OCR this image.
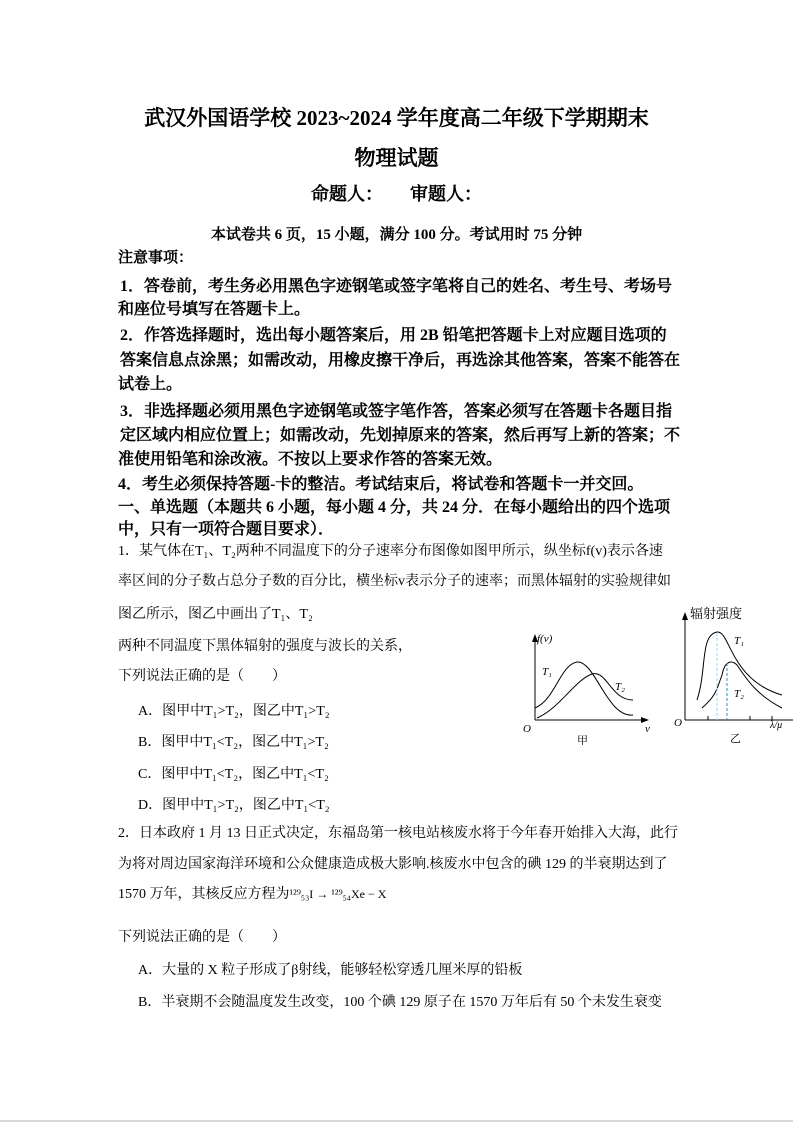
武汉外国语学校 2023~2024 学年度高二年级下学期期末
物理试题
命题人：　　审题人：
本试卷共 6 页，15 小题，满分 100 分。考试用时 75 分钟
注意事项：
1．答卷前，考生务必用黑色字迹钢笔或签字笔将自己的姓名、考生号、考场号
和座位号填写在答题卡上。
2．作答选择题时，选出每小题答案后，用 2B 铅笔把答题卡上对应题目选项的
答案信息点涂黑；如需改动，用橡皮擦干净后，再选涂其他答案，答案不能答在
试卷上。
3．非选择题必须用黑色字迹钢笔或签字笔作答，答案必须写在答题卡各题目指
定区域内相应位置上；如需改动，先划掉原来的答案，然后再写上新的答案；不
准使用铅笔和涂改液。不按以上要求作答的答案无效。
4．考生必须保持答题-卡的整洁。考试结束后，将试卷和答题卡一并交回。
一、单选题（本题共 6 小题，每小题 4 分，共 24 分．在每小题给出的四个选项
中，只有一项符合题目要求）．
1．某气体在T₁、T₂两种不同温度下的分子速率分布图像如图甲所示，纵坐标f(v)表示各速
率区间的分子数占总分子数的百分比，横坐标v表示分子的速率；而黑体辐射的实验规律如
图乙所示，图乙中画出了T₁、T₂
两种不同温度下黑体辐射的强度与波长的关系，
下列说法正确的是（　　）
A．图甲中T₁>T₂，图乙中T₁>T₂
B．图甲中T₁<T₂，图乙中T₁>T₂
C．图甲中T₁<T₂，图乙中T₁<T₂
D．图甲中T₁>T₂，图乙中T₁<T₂
f(v)
v
O
T₁
T₂
甲
辐射强度
λ/μ
O
T₁
T₂
乙
2．日本政府 1 月 13 日正式决定，东福岛第一核电站核废水将于今年春开始排入大海，此行
为将对周边国家海洋环境和公众健康造成极大影响.核废水中包含的碘 129 的半衰期达到了
1570 万年，其核反应方程为¹²⁹₅₃I → ¹²⁹₅₄Xe − X
下列说法正确的是（　　）
A．大量的 X 粒子形成了β射线，能够轻松穿透几厘米厚的铅板
B．半衰期不会随温度发生改变，100 个碘 129 原子在 1570 万年后有 50 个未发生衰变
